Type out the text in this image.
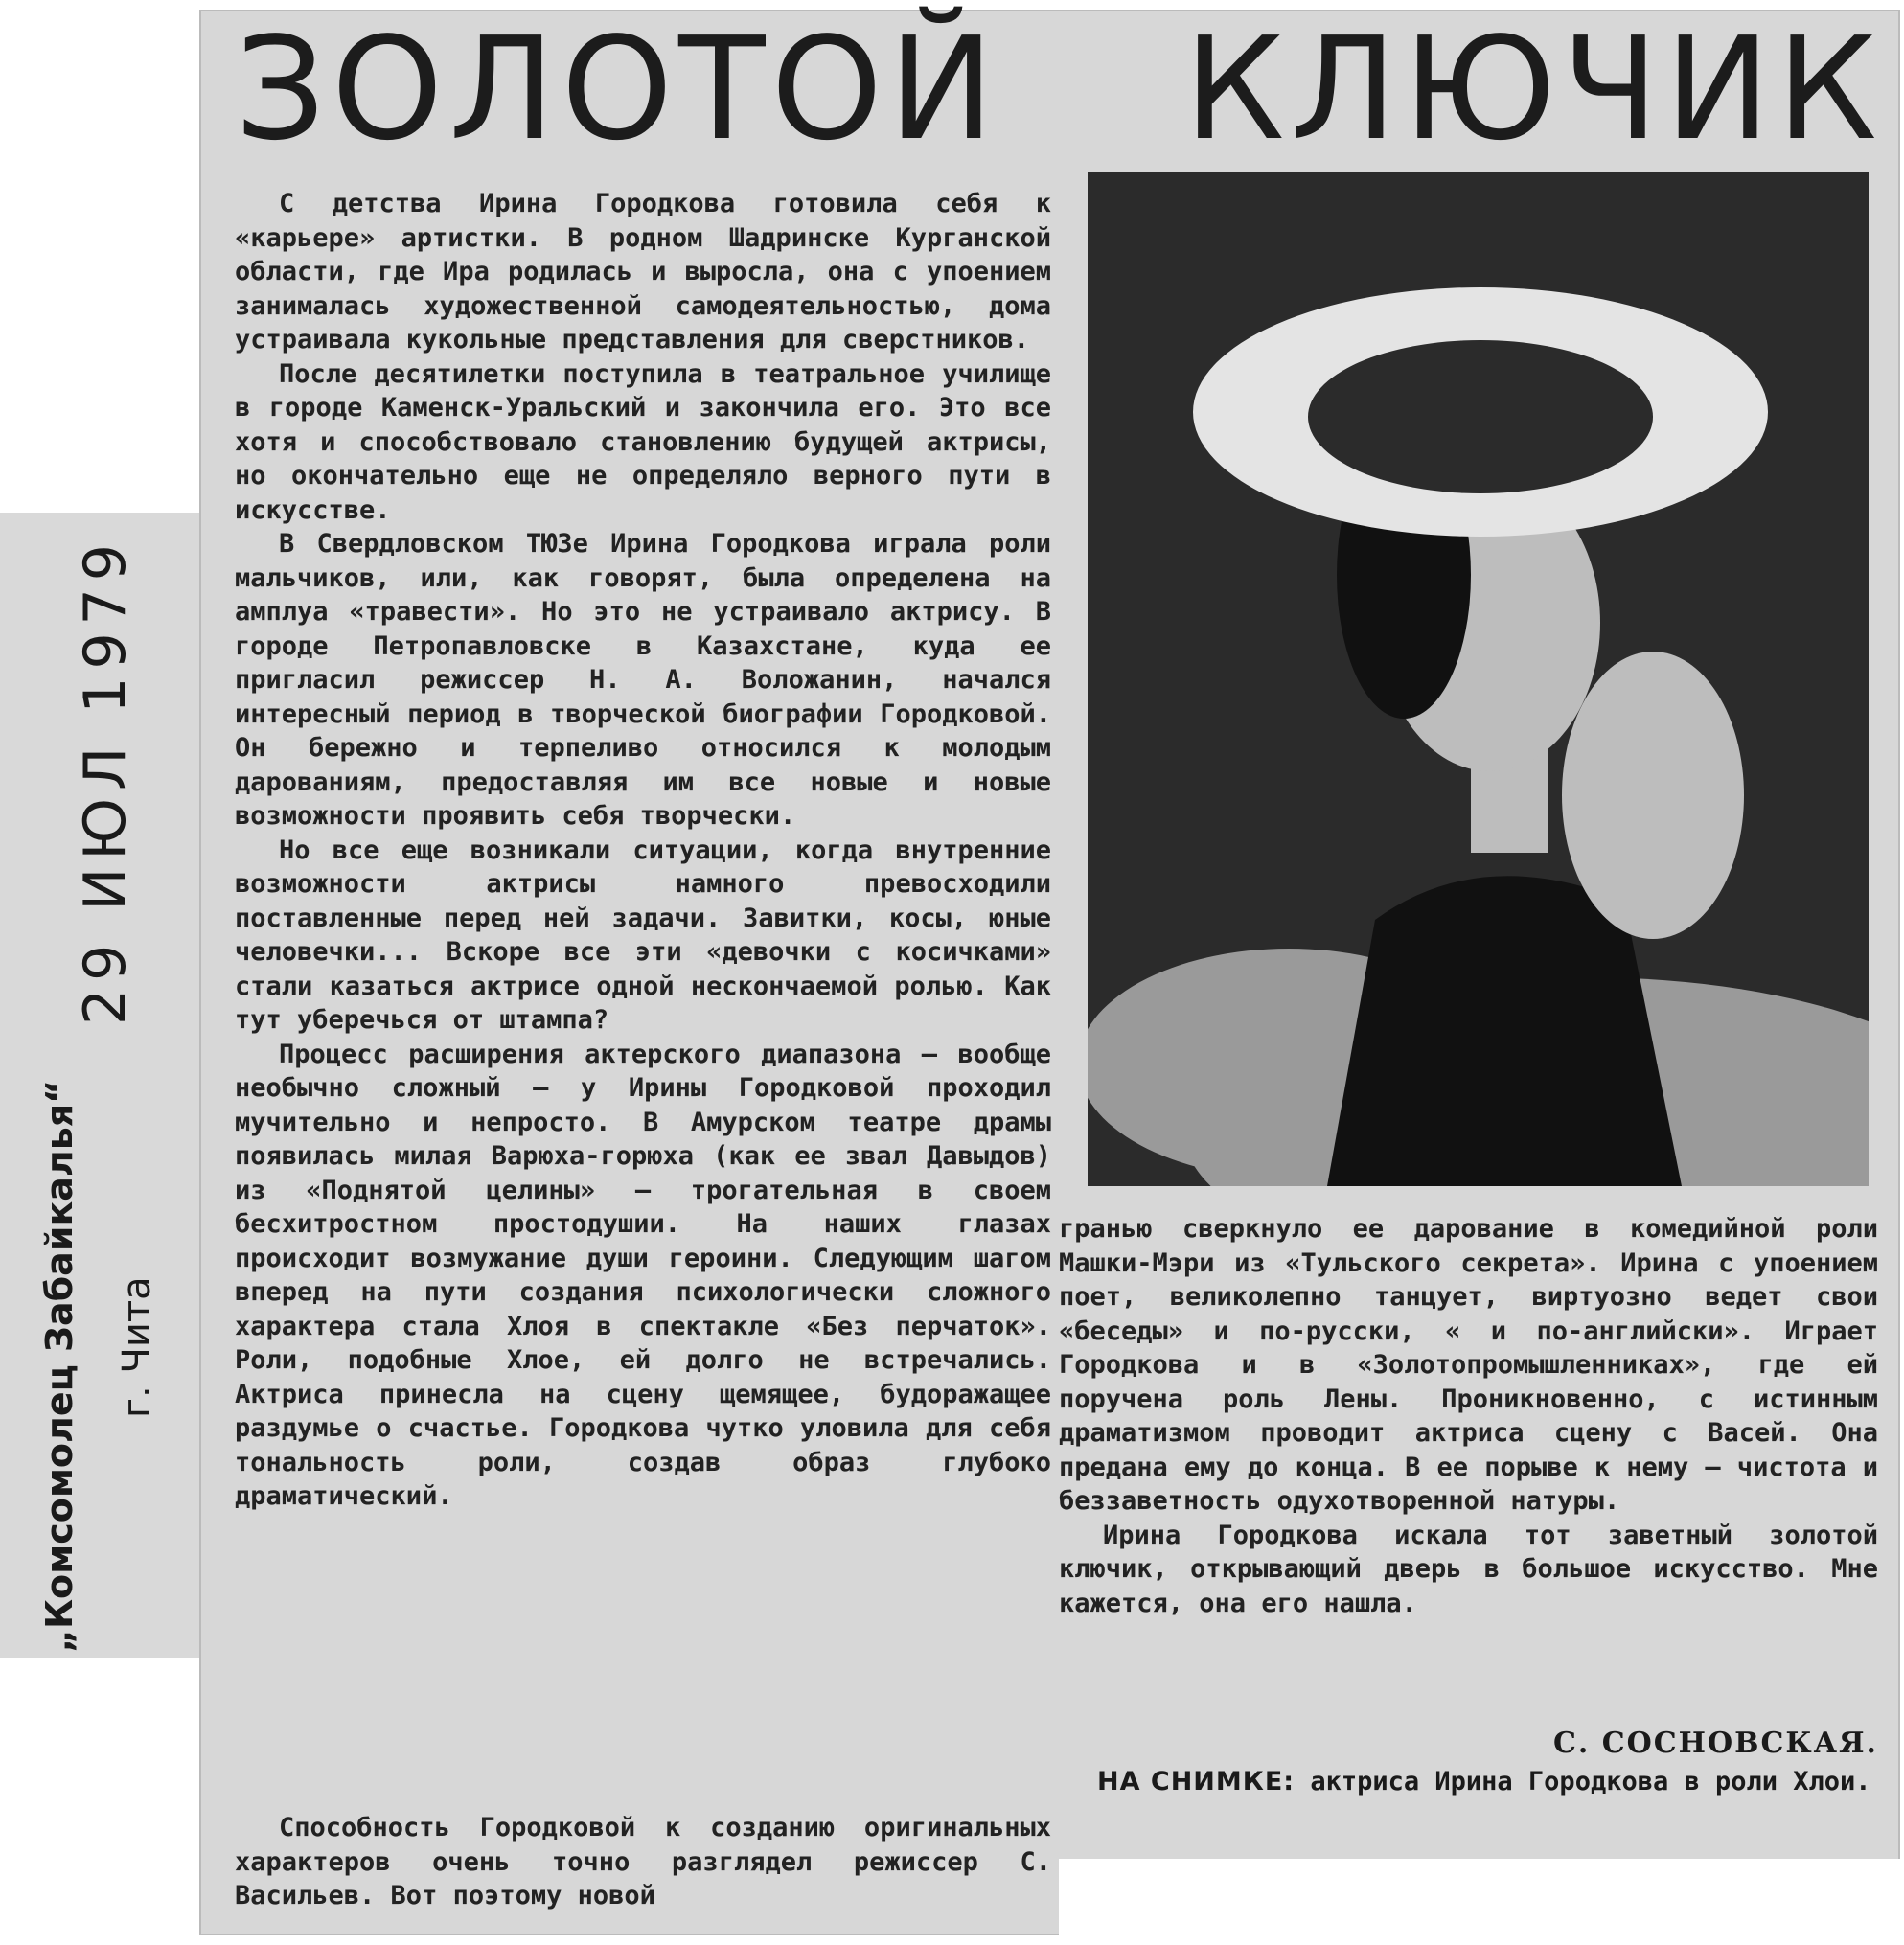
„Комсомолец Забайкалья“ г. Чита
29 ИЮЛ 1979
ЗОЛОТОЙ КЛЮЧИК

С детства Ирина Городкова готовила себя к «карьере» артистки. В родном Шадринске Курганской области, где Ира родилась и выросла, она с упоением занималась художественной самодеятельностью, дома устраивала кукольные представления для сверстников.

После десятилетки поступила в театральное училище в городе Каменск-Уральский и закончила его. Это все хотя и способствовало становлению будущей актрисы, но окончательно еще не определяло верного пути в искусстве.

В Свердловском ТЮЗе Ирина Городкова играла роли мальчиков, или, как говорят, была определена на амплуа «травести». Но это не устраивало актрису. В городе Петропавловске в Казахстане, куда ее пригласил режиссер Н. А. Воложанин, начался интересный период в творческой биографии Городковой. Он бережно и терпеливо относился к молодым дарованиям, предоставляя им все новые и новые возможности проявить себя творчески.

Но все еще возникали ситуации, когда внутренние возможности актрисы намного превосходили поставленные перед ней задачи. Завитки, косы, юные человечки... Вскоре все эти «девочки с косичками» стали казаться актрисе одной нескончаемой ролью. Как тут уберечься от штампа?

Процесс расширения актерского диапазона — вообще необычно сложный — у Ирины Городковой проходил мучительно и непросто. В Амурском театре драмы появилась милая Варюха-горюха (как ее звал Давыдов) из «Поднятой целины» — трогательная в своем бесхитростном простодушии. На наших глазах происходит возмужание души героини. Следующим шагом вперед на пути создания психологически сложного характера стала Хлоя в спектакле «Без перчаток». Роли, подобные Хлое, ей долго не встречались. Актриса принесла на сцену щемящее, будоражащее раздумье о счастье. Городкова чутко уловила для себя тональность роли, создав образ глубоко драматический.

Способность Городковой к созданию оригинальных характеров очень точно разглядел режиссер С. Васильев. Вот поэтому новой

гранью сверкнуло ее дарование в комедийной роли Машки-Мэри из «Тульского секрета». Ирина с упоением поет, великолепно танцует, виртуозно ведет свои «беседы» и по-русски, « и по-английски». Играет Городкова и в «Золотопромышленниках», где ей поручена роль Лены. Проникновенно, с истинным драматизмом проводит актриса сцену с Васей. Она предана ему до конца. В ее порыве к нему — чистота и беззаветность одухотворенной натуры.

Ирина Городкова искала тот заветный золотой ключик, открывающий дверь в большое искусство. Мне кажется, она его нашла.

С. СОСНОВСКАЯ.
НА СНИМКЕ: актриса Ирина Городкова в роли Хлои.
